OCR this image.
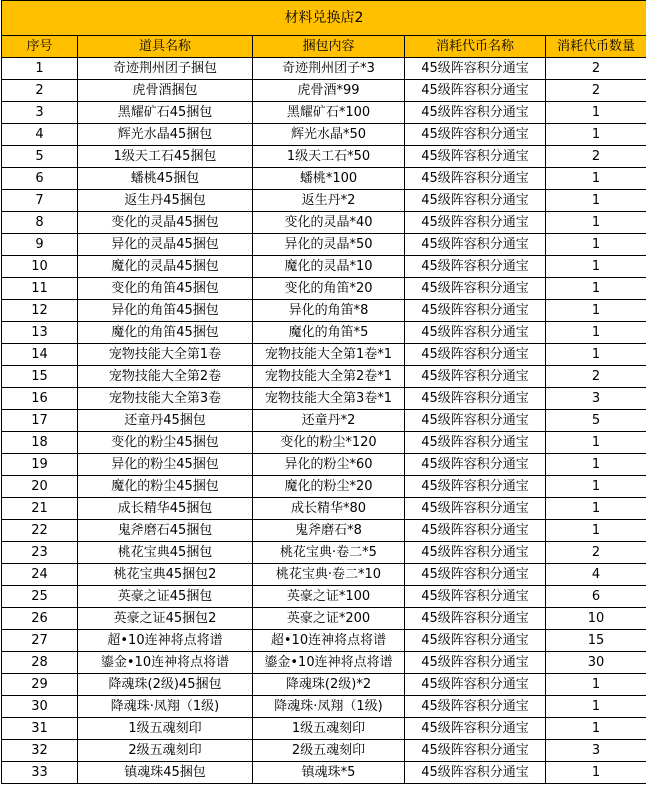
材料兑换店2				
序号	道具名称	捆包内容	消耗代币名称	消耗代币数量
1	奇迹荆州团子捆包	奇迹荆州团子*3	45级阵容积分通宝	2
2	虎骨酒捆包	虎骨酒*99	45级阵容积分通宝	2
3	黑耀矿石45捆包	黑耀矿石*100	45级阵容积分通宝	1
4	辉光水晶45捆包	辉光水晶*50	45级阵容积分通宝	1
5	1级天工石45捆包	1级天工石*50	45级阵容积分通宝	2
6	蟠桃45捆包	蟠桃*100	45级阵容积分通宝	1
7	返生丹45捆包	返生丹*2	45级阵容积分通宝	1
8	变化的灵晶45捆包	变化的灵晶*40	45级阵容积分通宝	1
9	异化的灵晶45捆包	异化的灵晶*50	45级阵容积分通宝	1
10	魔化的灵晶45捆包	魔化的灵晶*10	45级阵容积分通宝	1
11	变化的角笛45捆包	变化的角笛*20	45级阵容积分通宝	1
12	异化的角笛45捆包	异化的角笛*8	45级阵容积分通宝	1
13	魔化的角笛45捆包	魔化的角笛*5	45级阵容积分通宝	1
14	宠物技能大全第1卷	宠物技能大全第1卷*1	45级阵容积分通宝	1
15	宠物技能大全第2卷	宠物技能大全第2卷*1	45级阵容积分通宝	2
16	宠物技能大全第3卷	宠物技能大全第3卷*1	45级阵容积分通宝	3
17	还童丹45捆包	还童丹*2	45级阵容积分通宝	5
18	变化的粉尘45捆包	变化的粉尘*120	45级阵容积分通宝	1
19	异化的粉尘45捆包	异化的粉尘*60	45级阵容积分通宝	1
20	魔化的粉尘45捆包	魔化的粉尘*20	45级阵容积分通宝	1
21	成长精华45捆包	成长精华*80	45级阵容积分通宝	1
22	鬼斧磨石45捆包	鬼斧磨石*8	45级阵容积分通宝	1
23	桃花宝典45捆包	桃花宝典·卷二*5	45级阵容积分通宝	2
24	桃花宝典45捆包2	桃花宝典·卷二*10	45级阵容积分通宝	4
25	英豪之证45捆包	英豪之证*100	45级阵容积分通宝	6
26	英豪之证45捆包2	英豪之证*200	45级阵容积分通宝	10
27	超•10连神将点将谱	超•10连神将点将谱	45级阵容积分通宝	15
28	鎏金•10连神将点将谱	鎏金•10连神将点将谱	45级阵容积分通宝	30
29	降魂珠(2级)45捆包	降魂珠(2级)*2	45级阵容积分通宝	1
30	降魂珠·凤翔（1级)	降魂珠·凤翔（1级)	45级阵容积分通宝	1
31	1级五魂刻印	1级五魂刻印	45级阵容积分通宝	1
32	2级五魂刻印	2级五魂刻印	45级阵容积分通宝	3
33	镇魂珠45捆包	镇魂珠*5	45级阵容积分通宝	1
